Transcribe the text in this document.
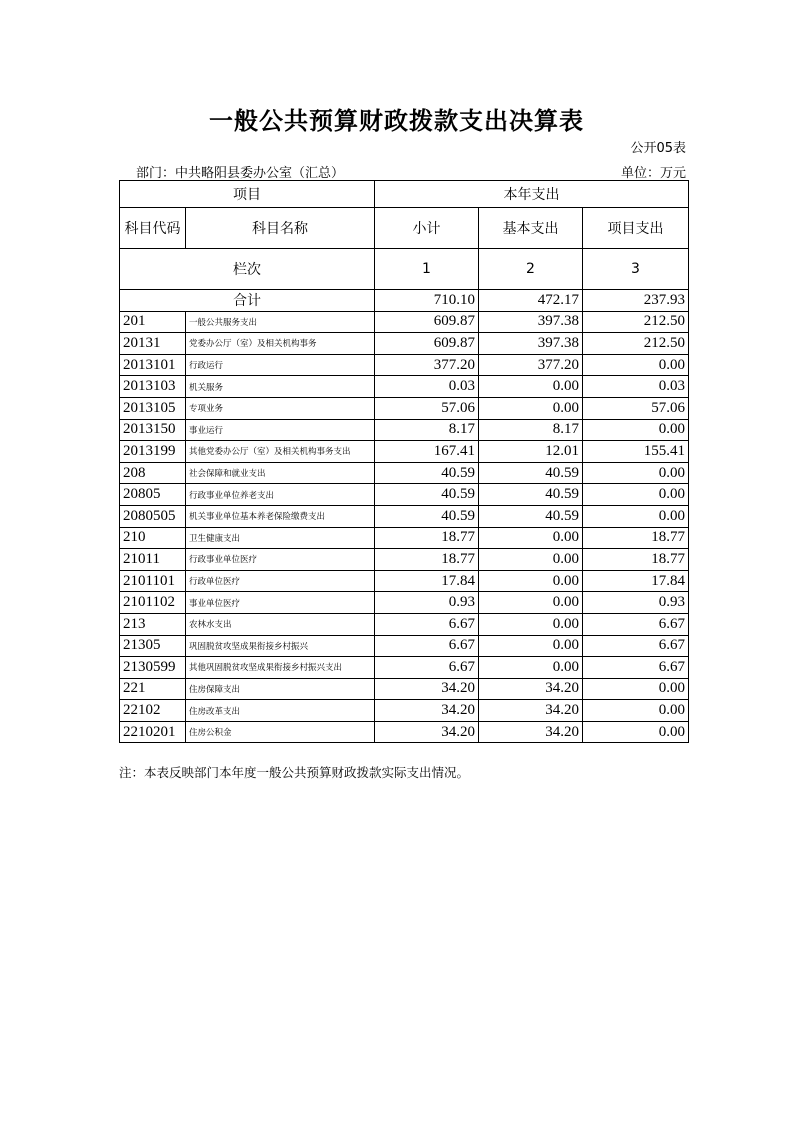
一般公共预算财政拨款支出决算表
公开05表
部门：中共略阳县委办公室（汇总）	单位：万元
项目		本年支出		
科目代码	科目名称	小计	基本支出	项目支出
栏次		1	2	3
合计		710.10	472.17	237.93
201	一般公共服务支出	609.87	397.38	212.50
20131	党委办公厅（室）及相关机构事务	609.87	397.38	212.50
2013101	行政运行	377.20	377.20	0.00
2013103	机关服务	0.03	0.00	0.03
2013105	专项业务	57.06	0.00	57.06
2013150	事业运行	8.17	8.17	0.00
2013199	其他党委办公厅（室）及相关机构事务支出	167.41	12.01	155.41
208	社会保障和就业支出	40.59	40.59	0.00
20805	行政事业单位养老支出	40.59	40.59	0.00
2080505	机关事业单位基本养老保险缴费支出	40.59	40.59	0.00
210	卫生健康支出	18.77	0.00	18.77
21011	行政事业单位医疗	18.77	0.00	18.77
2101101	行政单位医疗	17.84	0.00	17.84
2101102	事业单位医疗	0.93	0.00	0.93
213	农林水支出	6.67	0.00	6.67
21305	巩固脱贫攻坚成果衔接乡村振兴	6.67	0.00	6.67
2130599	其他巩固脱贫攻坚成果衔接乡村振兴支出	6.67	0.00	6.67
221	住房保障支出	34.20	34.20	0.00
22102	住房改革支出	34.20	34.20	0.00
2210201	住房公积金	34.20	34.20	0.00
注：本表反映部门本年度一般公共预算财政拨款实际支出情况。
